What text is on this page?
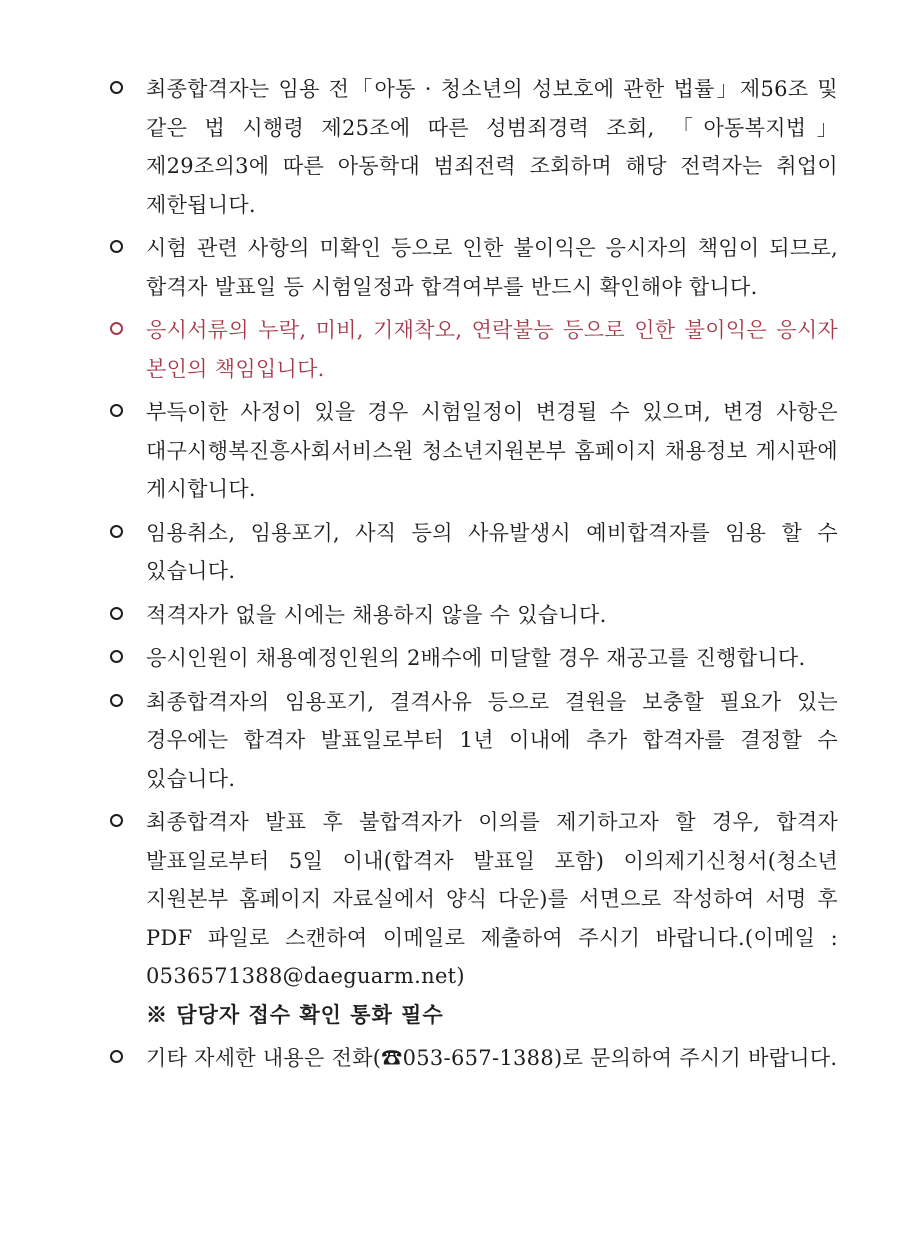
최종합격자는 임용 전「아동 · 청소년의 성보호에 관한 법률」제56조 및 같은 법 시행령 제25조에 따른 성범죄경력 조회, 「아동복지법」제29조의3에 따른 아동학대 범죄전력 조회하며 해당 전력자는 취업이 제한됩니다.
시험 관련 사항의 미확인 등으로 인한 불이익은 응시자의 책임이 되므로, 합격자 발표일 등 시험일정과 합격여부를 반드시 확인해야 합니다.
응시서류의 누락, 미비, 기재착오, 연락불능 등으로 인한 불이익은 응시자 본인의 책임입니다.
부득이한 사정이 있을 경우 시험일정이 변경될 수 있으며, 변경 사항은 대구시행복진흥사회서비스원 청소년지원본부 홈페이지 채용정보 게시판에 게시합니다.
임용취소, 임용포기, 사직 등의 사유발생시 예비합격자를 임용 할 수 있습니다.
적격자가 없을 시에는 채용하지 않을 수 있습니다.
응시인원이 채용예정인원의 2배수에 미달할 경우 재공고를 진행합니다.
최종합격자의 임용포기, 결격사유 등으로 결원을 보충할 필요가 있는 경우에는 합격자 발표일로부터 1년 이내에 추가 합격자를 결정할 수 있습니다.
최종합격자 발표 후 불합격자가 이의를 제기하고자 할 경우, 합격자 발표일로부터 5일 이내(합격자 발표일 포함) 이의제기신청서(청소년 지원본부 홈페이지 자료실에서 양식 다운)를 서면으로 작성하여 서명 후 PDF 파일로 스캔하여 이메일로 제출하여 주시기 바랍니다.(이메일 : 0536571388@daeguarm.net)
※ 담당자 접수 확인 통화 필수
기타 자세한 내용은 전화(☎053-657-1388)로 문의하여 주시기 바랍니다.
